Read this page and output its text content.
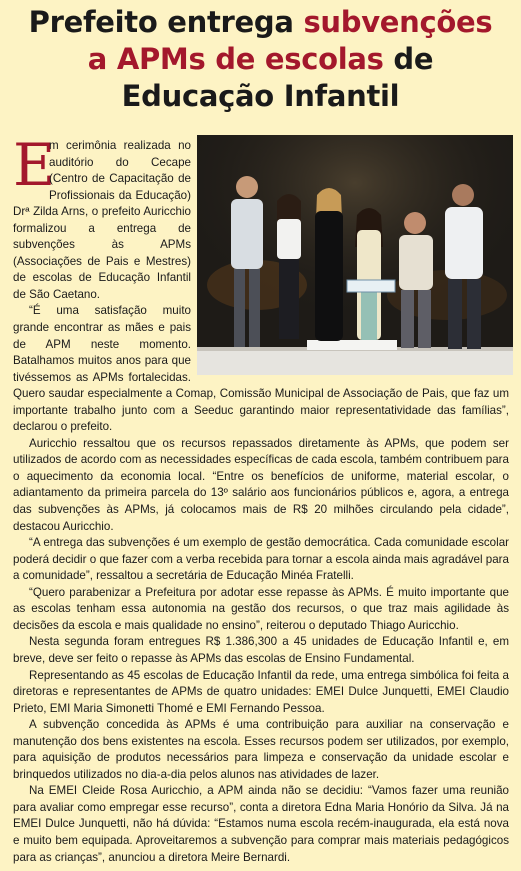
Prefeito entrega subvenções
a APMs de escolas de
Educação Infantil
E

m cerimônia realizada no auditório do Cecape (Centro de Capacitação de Profissionais da Educação) Drª Zilda Arns, o prefeito Auricchio formalizou a entrega de subvenções às APMs (Associações de Pais e Mestres) de escolas de Educação Infantil de São Caetano.

“É uma satisfação muito grande encontrar as mães e pais de APM neste momento. Batalhamos muitos anos para que tivéssemos as APMs fortalecidas. Quero saudar especialmente a Comap, Comissão Municipal de Associação de Pais, que faz um importante trabalho junto com a Seeduc garantindo maior representatividade das famílias”, declarou o prefeito.

Auricchio ressaltou que os recursos repassados diretamente às APMs, que podem ser utilizados de acordo com as necessidades específicas de cada escola, também contribuem para o aquecimento da economia local. “Entre os benefícios de uniforme, material escolar, o adiantamento da primeira parcela do 13º salário aos funcionários públicos e, agora, a entrega das subvenções às APMs, já colocamos mais de R$ 20 milhões circulando pela cidade”, destacou Auricchio.

“A entrega das subvenções é um exemplo de gestão democrática. Cada comunidade escolar poderá decidir o que fazer com a verba recebida para tornar a escola ainda mais agradável para a comunidade”, ressaltou a secretária de Educação Minéa Fratelli.

“Quero parabenizar a Prefeitura por adotar esse repasse às APMs. É muito importante que as escolas tenham essa autonomia na gestão dos recursos, o que traz mais agilidade às decisões da escola e mais qualidade no ensino”, reiterou o deputado Thiago Auricchio.

Nesta segunda foram entregues R$ 1.386,300 a 45 unidades de Educação Infantil e, em breve, deve ser feito o repasse às APMs das escolas de Ensino Fundamental.

Representando as 45 escolas de Educação Infantil da rede, uma entrega simbólica foi feita a diretoras e representantes de APMs de quatro unidades: EMEI Dulce Junquetti, EMEI Claudio Prieto, EMI Maria Simonetti Thomé e EMI Fernando Pessoa.

A subvenção concedida às APMs é uma contribuição para auxiliar na conservação e manutenção dos bens existentes na escola. Esses recursos podem ser utilizados, por exemplo, para aquisição de produtos necessários para limpeza e conservação da unidade escolar e brinquedos utilizados no dia-a-dia pelos alunos nas atividades de lazer.

Na EMEI Cleide Rosa Auricchio, a APM ainda não se decidiu: “Vamos fazer uma reunião para avaliar como empregar esse recurso”, conta a diretora Edna Maria Honório da Silva. Já na EMEI Dulce Junquetti, não há dúvida: “Estamos numa escola recém-inaugurada, ela está nova e muito bem equipada. Aproveitaremos a subvenção para comprar mais materiais pedagógicos para as crianças”, anunciou a diretora Meire Bernardi.
